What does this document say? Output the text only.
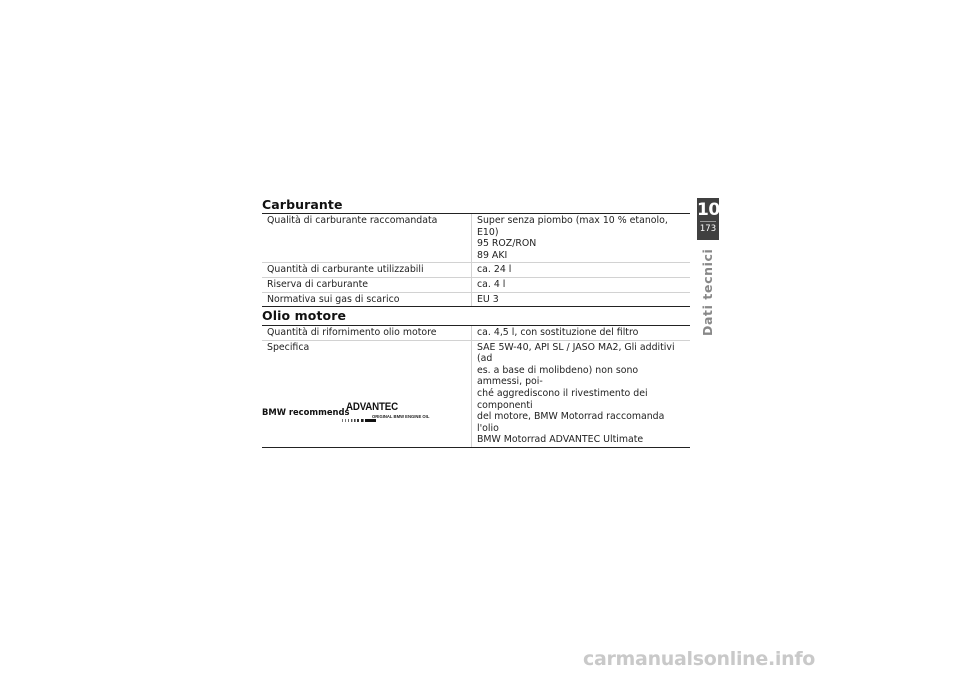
Carburante
Qualità di carburante raccomandata	Super senza piombo (max 10 % etanolo, E10)
95 ROZ/RON
89 AKI
Quantità di carburante utilizzabili	ca. 24 l
Riserva di carburante	ca. 4 l
Normativa sui gas di scarico	EU 3
Olio motore
Quantità di rifornimento olio motore	ca. 4,5 l, con sostituzione del filtro
Specifica	SAE 5W-40, API SL / JASO MA2, Gli additivi (ad
es. a base di molibdeno) non sono ammessi, poi-
ché aggrediscono il rivestimento dei componenti
del motore, BMW Motorrad raccomanda l'olio
BMW Motorrad ADVANTEC Ultimate
10
173
Dati tecnici
BMW recommends
ADVANTEC
ORIGINAL BMW ENGINE OIL
carmanualsonline.info
